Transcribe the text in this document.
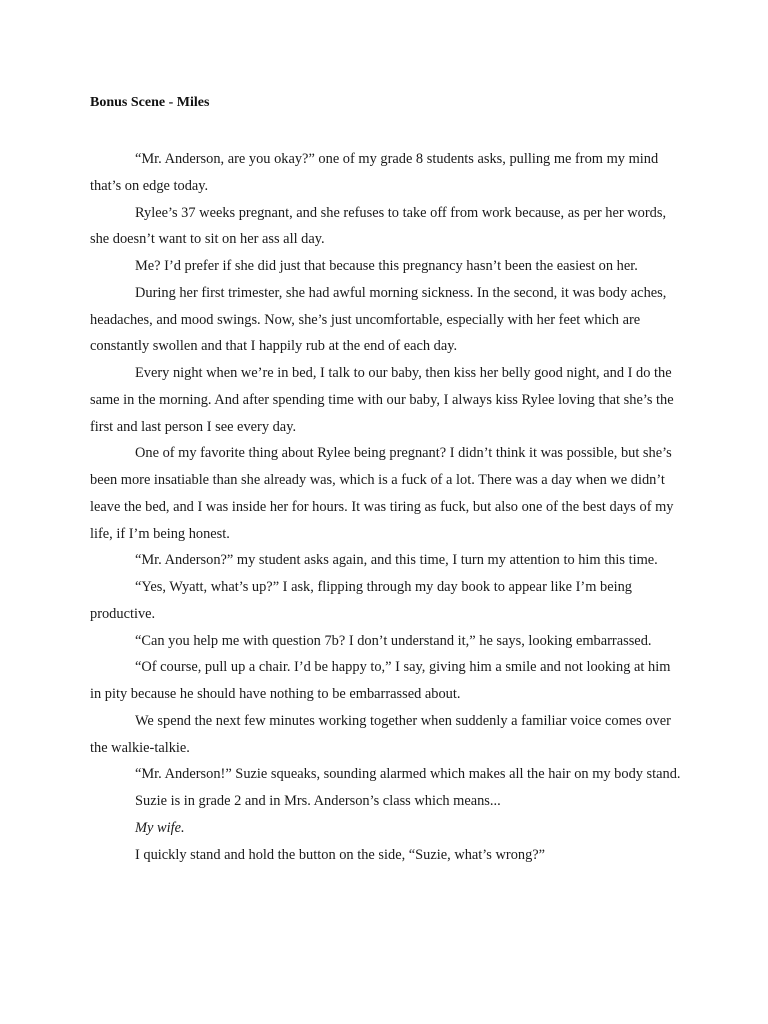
Bonus Scene - Miles

“Mr. Anderson, are you okay?” one of my grade 8 students asks, pulling me from my mind that’s on edge today.

Rylee’s 37 weeks pregnant, and she refuses to take off from work because, as per her words, she doesn’t want to sit on her ass all day.

Me? I’d prefer if she did just that because this pregnancy hasn’t been the easiest on her.

During her first trimester, she had awful morning sickness. In the second, it was body aches, headaches, and mood swings. Now, she’s just uncomfortable, especially with her feet which are constantly swollen and that I happily rub at the end of each day.

Every night when we’re in bed, I talk to our baby, then kiss her belly good night, and I do the same in the morning. And after spending time with our baby, I always kiss Rylee loving that she’s the first and last person I see every day.

One of my favorite thing about Rylee being pregnant? I didn’t think it was possible, but she’s been more insatiable than she already was, which is a fuck of a lot. There was a day when we didn’t leave the bed, and I was inside her for hours. It was tiring as fuck, but also one of the best days of my life, if I’m being honest.

“Mr. Anderson?” my student asks again, and this time, I turn my attention to him this time.

“Yes, Wyatt, what’s up?” I ask, flipping through my day book to appear like I’m being productive.

“Can you help me with question 7b? I don’t understand it,” he says, looking embarrassed.

“Of course, pull up a chair. I’d be happy to,” I say, giving him a smile and not looking at him in pity because he should have nothing to be embarrassed about.

We spend the next few minutes working together when suddenly a familiar voice comes over the walkie-talkie.

“Mr. Anderson!” Suzie squeaks, sounding alarmed which makes all the hair on my body stand.

Suzie is in grade 2 and in Mrs. Anderson’s class which means...

My wife.

I quickly stand and hold the button on the side, “Suzie, what’s wrong?”
